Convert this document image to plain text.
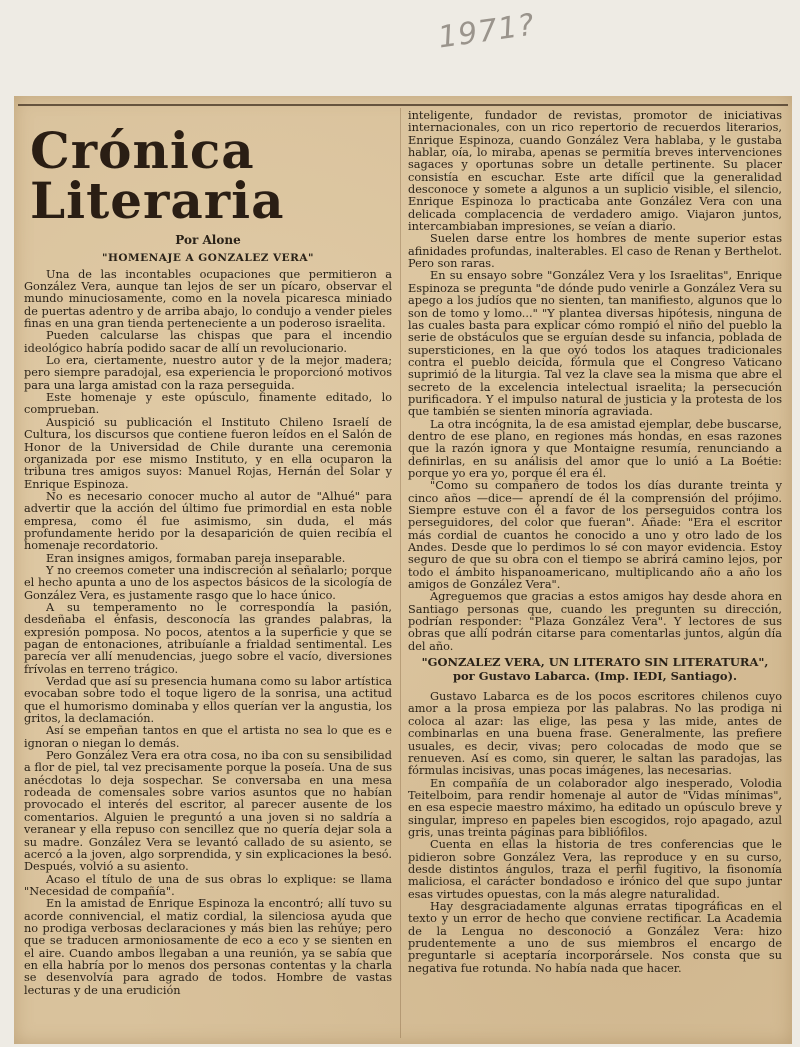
1971?
Crónica
Literaria
Por Alone
"HOMENAJE A GONZALEZ VERA"

Una de las incontables ocupaciones que permitieron a González Vera, aunque tan lejos de ser un pícaro, observar el mundo minuciosamente, como en la novela picaresca miniado de puertas adentro y de arriba abajo, lo condujo a vender pieles finas en una gran tienda perteneciente a un poderoso israelita.

Pueden calcularse las chispas que para el incendio ideológico habría podido sacar de allí un revolucionario.

Lo era, ciertamente, nuestro autor y de la mejor madera; pero siempre paradojal, esa experiencia le proporcionó motivos para una larga amistad con la raza perseguida.

Este homenaje y este opúsculo, finamente editado, lo comprueban.

Auspició su publicación el Instituto Chileno Israelí de Cultura, los discursos que contiene fueron leídos en el Salón de Honor de la Universidad de Chile durante una ceremonia organizada por ese mismo Instituto, y en ella ocuparon la tribuna tres amigos suyos: Manuel Rojas, Hernán del Solar y Enrique Espinoza.

No es necesario conocer mucho al autor de "Alhué" para advertir que la acción del último fue primordial en esta noble empresa, como él fue asimismo, sin duda, el más profundamente herido por la desaparición de quien recibía el homenaje recordatorio.

Eran insignes amigos, formaban pareja inseparable.

Y no creemos cometer una indiscreción al señalarlo; porque el hecho apunta a uno de los aspectos básicos de la sicología de González Vera, es justamente rasgo que lo hace único.

A su temperamento no le correspondía la pasión, desdeñaba el énfasis, desconocía las grandes palabras, la expresión pomposa. No pocos, atentos a la superficie y que se pagan de entonaciones, atribuíanle a frialdad sentimental. Les parecía ver allí menudencias, juego sobre el vacío, diversiones frívolas en terreno trágico.

Verdad que así su presencia humana como su labor artística evocaban sobre todo el toque ligero de la sonrisa, una actitud que el humorismo dominaba y ellos querían ver la angustia, los gritos, la declamación.

Así se empeñan tantos en que el artista no sea lo que es e ignoran o niegan lo demás.

Pero González Vera era otra cosa, no iba con su sensibilidad a flor de piel, tal vez precisamente porque la poseía. Una de sus anécdotas lo deja sospechar. Se conversaba en una mesa rodeada de comensales sobre varios asuntos que no habían provocado el interés del escritor, al parecer ausente de los comentarios. Alguien le preguntó a una joven si no saldría a veranear y ella repuso con sencillez que no quería dejar sola a su madre. González Vera se levantó callado de su asiento, se acercó a la joven, algo sorprendida, y sin explicaciones la besó. Después, volvió a su asiento.

Acaso el título de una de sus obras lo explique: se llama "Necesidad de compañía".

En la amistad de Enrique Espinoza la encontró; allí tuvo su acorde connivencial, el matiz cordial, la silenciosa ayuda que no prodiga verbosas declaraciones y más bien las rehúye; pero que se traducen armoniosamente de eco a eco y se sienten en el aire. Cuando ambos llegaban a una reunión, ya se sabía que en ella habría por lo menos dos personas contentas y la charla se desenvolvía para agrado de todos. Hombre de vastas lecturas y de una erudición

inteligente, fundador de revistas, promotor de iniciativas internacionales, con un rico repertorio de recuerdos literarios, Enrique Espinoza, cuando González Vera hablaba, y le gustaba hablar, oía, lo miraba, apenas se permitía breves intervenciones sagaces y oportunas sobre un detalle pertinente. Su placer consistía en escuchar. Este arte difícil que la generalidad desconoce y somete a algunos a un suplicio visible, el silencio, Enrique Espinoza lo practicaba ante González Vera con una delicada complacencia de verdadero amigo. Viajaron juntos, intercambiaban impresiones, se veían a diario.

Suelen darse entre los hombres de mente superior estas afinidades profundas, inalterables. El caso de Renan y Berthelot. Pero son raras.

En su ensayo sobre "González Vera y los Israelitas", Enrique Espinoza se pregunta "de dónde pudo venirle a González Vera su apego a los judíos que no sienten, tan manifiesto, algunos que lo son de tomo y lomo..." "Y plantea diversas hipótesis, ninguna de las cuales basta para explicar cómo rompió el niño del pueblo la serie de obstáculos que se erguían desde su infancia, poblada de supersticiones, en la que oyó todos los ataques tradicionales contra el pueblo deicida, fórmula que el Congreso Vaticano suprimió de la liturgia. Tal vez la clave sea la misma que abre el secreto de la excelencia intelectual israelita; la persecución purificadora. Y el impulso natural de justicia y la protesta de los que también se sienten minoría agraviada.

La otra incógnita, la de esa amistad ejemplar, debe buscarse, dentro de ese plano, en regiones más hondas, en esas razones que la razón ignora y que Montaigne resumía, renunciando a definirlas, en su análisis del amor que lo unió a La Boétie: porque yo era yo, porque él era él.

"Como su compañero de todos los días durante treinta y cinco años —dice— aprendí de él la comprensión del prójimo. Siempre estuve con él a favor de los perseguidos contra los perseguidores, del color que fueran". Añade: "Era el escritor más cordial de cuantos he conocido a uno y otro lado de los Andes. Desde que lo perdimos lo sé con mayor evidencia. Estoy seguro de que su obra con el tiempo se abrirá camino lejos, por todo el ámbito hispanoamericano, multiplicando año a año los amigos de González Vera".

Agreguemos que gracias a estos amigos hay desde ahora en Santiago personas que, cuando les pregunten su dirección, podrían responder: "Plaza González Vera". Y lectores de sus obras que allí podrán citarse para comentarlas juntos, algún día del año.

"GONZALEZ VERA, UN LITERATO SIN LITERATURA",
por Gustavo Labarca. (Imp. IEDI, Santiago).

Gustavo Labarca es de los pocos escritores chilenos cuyo amor a la prosa empieza por las palabras. No las prodiga ni coloca al azar: las elige, las pesa y las mide, antes de combinarlas en una buena frase. Generalmente, las prefiere usuales, es decir, vivas; pero colocadas de modo que se renueven. Así es como, sin querer, le saltan las paradojas, las fórmulas incisivas, unas pocas imágenes, las necesarias.

En compañía de un colaborador algo inesperado, Volodia Teitelboim, para rendir homenaje al autor de "Vidas mínimas", en esa especie maestro máximo, ha editado un opúsculo breve y singular, impreso en papeles bien escogidos, rojo apagado, azul gris, unas treinta páginas para bibliófilos.

Cuenta en ellas la historia de tres conferencias que le pidieron sobre González Vera, las reproduce y en su curso, desde distintos ángulos, traza el perfil fugitivo, la fisonomía maliciosa, el carácter bondadoso e irónico del que supo juntar esas virtudes opuestas, con la más alegre naturalidad.

Hay desgraciadamente algunas erratas tipográficas en el texto y un error de hecho que conviene rectificar. La Academia de la Lengua no desconoció a González Vera: hizo prudentemente a uno de sus miembros el encargo de preguntarle si aceptaría incorporársele. Nos consta que su negativa fue rotunda. No había nada que hacer.
